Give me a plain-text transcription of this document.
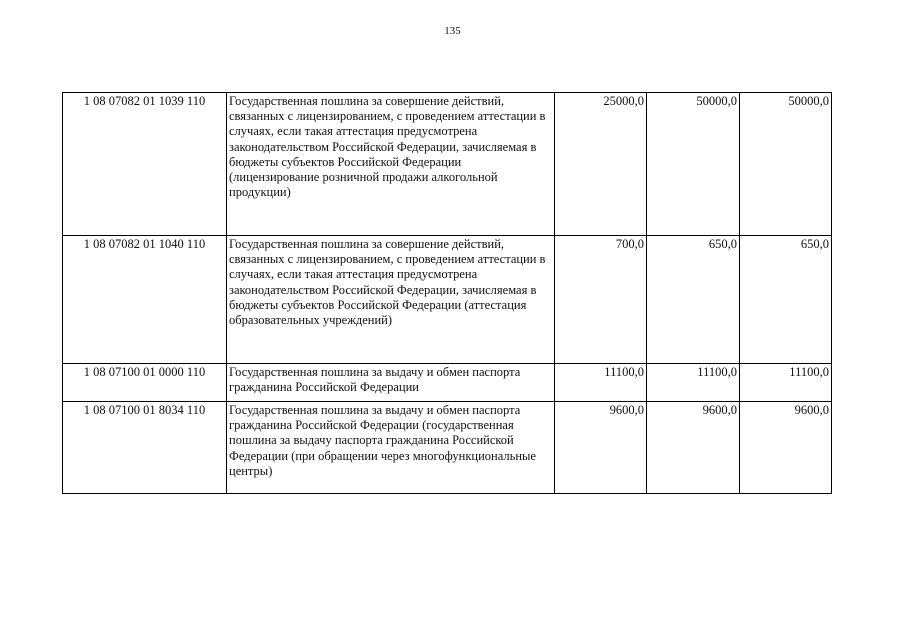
135
1 08 07082 01 1039 110	Государственная пошлина за совершение действий, связанных с лицензированием, с проведением аттестации в случаях, если такая аттестация предусмотрена законодательством Российской Федерации, зачисляемая в бюджеты субъектов Российской Федерации (лицензирование розничной продажи алкогольной продукции)	25000,0	50000,0	50000,0
1 08 07082 01 1040 110	Государственная пошлина за совершение действий, связанных с лицензированием, с проведением аттестации в случаях, если такая аттестация предусмотрена законодательством Российской Федерации, зачисляемая в бюджеты субъектов Российской Федерации (аттестация образовательных учреждений)	700,0	650,0	650,0
1 08 07100 01 0000 110	Государственная пошлина за выдачу и обмен паспорта гражданина Российской Федерации	11100,0	11100,0	11100,0
1 08 07100 01 8034 110	Государственная пошлина за выдачу и обмен паспорта гражданина Российской Федерации (государственная пошлина за выдачу паспорта гражданина Российской Федерации (при обращении через многофункциональные центры)	9600,0	9600,0	9600,0
